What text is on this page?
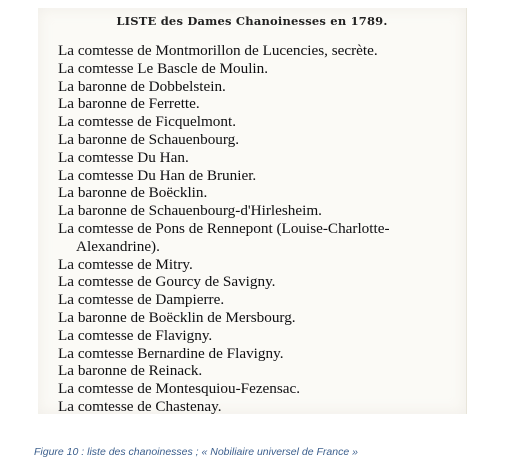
LISTE des Dames Chanoinesses en 1789.
La comtesse de Montmorillon de Lucencies, secrète.
La comtesse Le Bascle de Moulin.
La baronne de Dobbelstein.
La baronne de Ferrette.
La comtesse de Ficquelmont.
La baronne de Schauenbourg.
La comtesse Du Han.
La comtesse Du Han de Brunier.
La baronne de Boëcklin.
La baronne de Schauenbourg-d'Hirlesheim.
La comtesse de Pons de Rennepont (Louise-Charlotte-Alexandrine).
La comtesse de Mitry.
La comtesse de Gourcy de Savigny.
La comtesse de Dampierre.
La baronne de Boëcklin de Mersbourg.
La comtesse de Flavigny.
La comtesse Bernardine de Flavigny.
La baronne de Reinack.
La comtesse de Montesquiou-Fezensac.
La comtesse de Chastenay.
Figure 10 : liste des chanoinesses ; « Nobiliaire universel de France »
